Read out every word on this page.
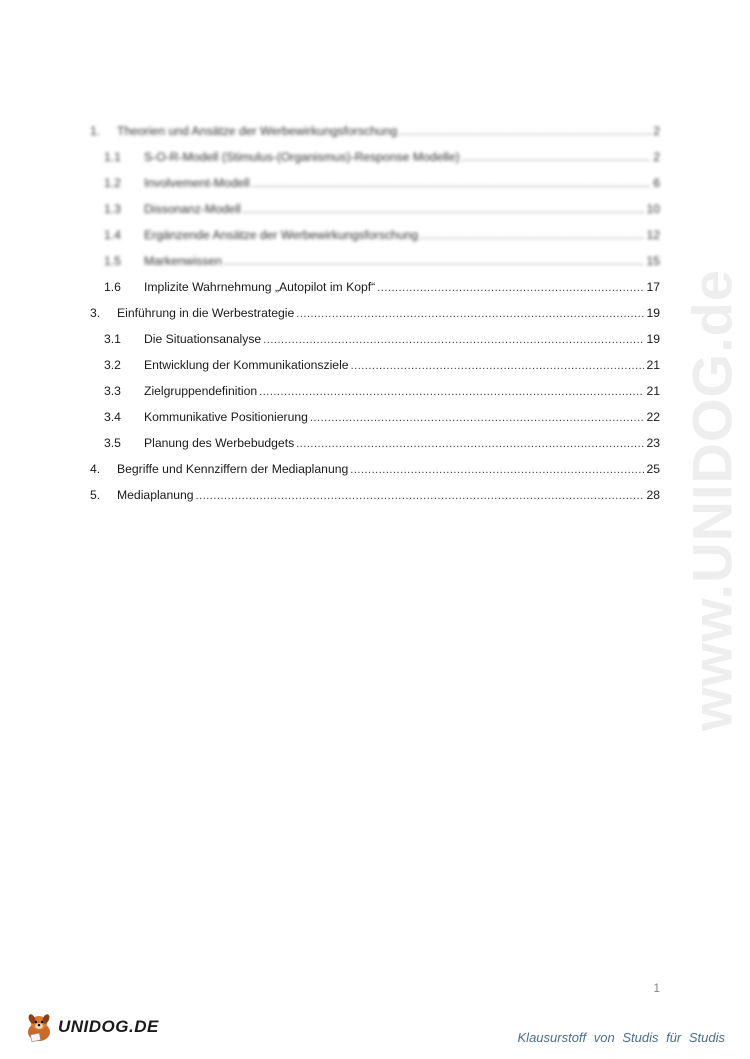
1.	Theorien und Ansätze der Werbewirkungsforschung .....	2
1.1	S-O-R-Modell (Stimulus-(Organismus)-Response Modelle) .....	2
1.2	Involvement-Modell .....	6
1.3	Dissonanz-Modell .....	10
1.4	Ergänzende Ansätze der Werbewirkungsforschung .....	12
1.5	Markenwissen .....	15
1.6	Implizite Wahrnehmung „Autopilot im Kopf“ .....	17
3.	Einführung in die Werbestrategie .....	19
3.1	Die Situationsanalyse .....	19
3.2	Entwicklung der Kommunikationsziele .....	21
3.3	Zielgruppendefinition .....	21
3.4	Kommunikative Positionierung .....	22
3.5	Planung des Werbebudgets .....	23
4.	Begriffe und Kennziffern der Mediaplanung .....	25
5.	Mediaplanung .....	28 www.UNIDOG.de
1
UNIDOG.DE
Klausurstoff von Studis für Studis
